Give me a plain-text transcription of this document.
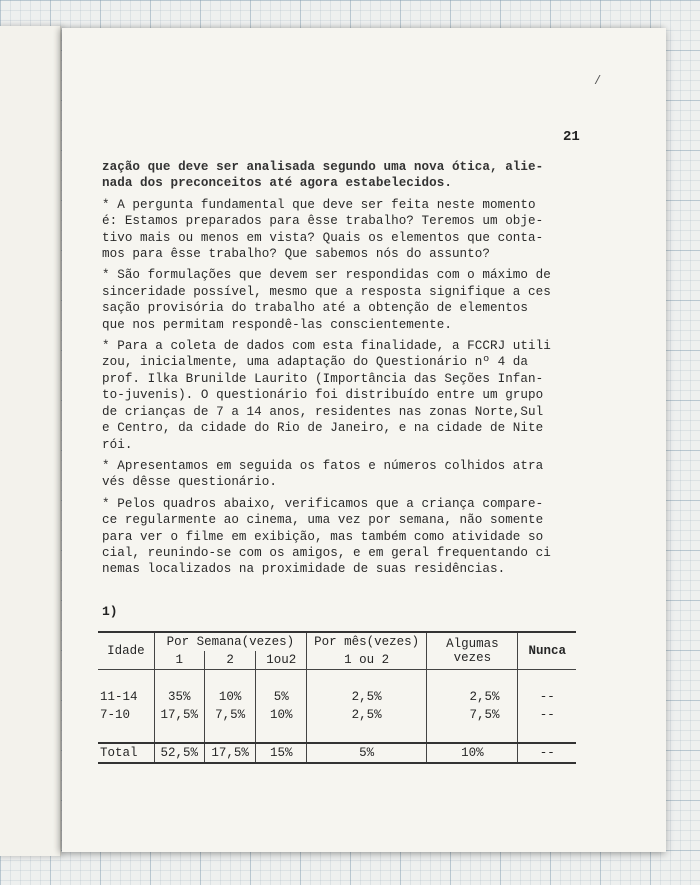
/
21

zação que deve ser analisada segundo uma nova ótica, alie-
nada dos preconceitos até agora estabelecidos.

* A pergunta fundamental que deve ser feita neste momento
é: Estamos preparados para êsse trabalho? Teremos um obje-
tivo mais ou menos em vista? Quais os elementos que conta-
mos para êsse trabalho? Que sabemos nós do assunto?

* São formulações que devem ser respondidas com o máximo de
sinceridade possível, mesmo que a resposta signifique a ces
sação provisória do trabalho até a obtenção de elementos
que nos permitam respondê-las conscientemente.

* Para a coleta de dados com esta finalidade, a FCCRJ utili
zou, inicialmente, uma adaptação do Questionário nº 4 da
prof. Ilka Brunilde Laurito (Importância das Seções Infan-
to-juvenis). O questionário foi distribuído entre um grupo
de crianças de 7 a 14 anos, residentes nas zonas Norte,Sul
e Centro, da cidade do Rio de Janeiro, e na cidade de Nite
rói.

* Apresentamos em seguida os fatos e números colhidos atra
vés dêsse questionário.

* Pelos quadros abaixo, verificamos que a criança compare-
ce regularmente ao cinema, uma vez por semana, não somente
para ver o filme em exibição, mas também como atividade so
cial, reunindo-se com os amigos, e em geral frequentando ci
nemas localizados na proximidade de suas residências.

1)
Idade	Por Semana(vezes)			Por mês(vezes)	Algumas vezes	Nunca
	1	2	1ou2	1 ou 2		

11-14	35%	10%	5%	2,5%	2,5%	--
7-10	17,5%	7,5%	10%	2,5%	7,5%	--

Total	52,5%	17,5%	15%	5%	10%	--
